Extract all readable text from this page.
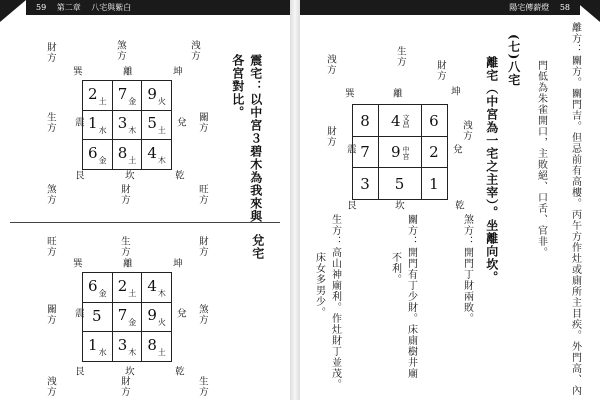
59 第二章 八宅與紫白
財方	煞方	洩方
生方	關方
煞方	財方	旺方
巽	離	坤
震	兌
艮	坎	乾
$2_土$	$7_金$	$9_火$
$1_水$	$3_木$	$5_土$
$6_金$	$8_土$	$4_木$	震宅：以中宮３碧木為我來與
各宮對比。
兌宅
旺方	生方	財方
關方	煞方
洩方	財方	生方
巽	離	坤
震	兌
艮	坎	乾
$6_金$	$2_土$	$4_木$
5	$7_金$	$9_火$
$1_水$	$3_木$	$8_土$
陽宅傳薪燈 58
離方：關方。關門吉。但忌前有高樓。丙午方作灶或廁所主目疾。外門高、內
門低為朱雀開口，主敗絕、口舌、官非。
(七)八宅
離宅（中宮為一宅之主宰）。坐離向坎。
煞方：開門丁財兩敗。
關方：開門有丁少財。床廁樹井廟
不利。
生方：高山神廟利。作灶財丁並茂。
床女多男少。
洩方
財方
生方
財方
洩方
巽	離	坤
震	兌
艮	坎	乾
8	4文昌	6
7	9中宮	2
3	5	1
